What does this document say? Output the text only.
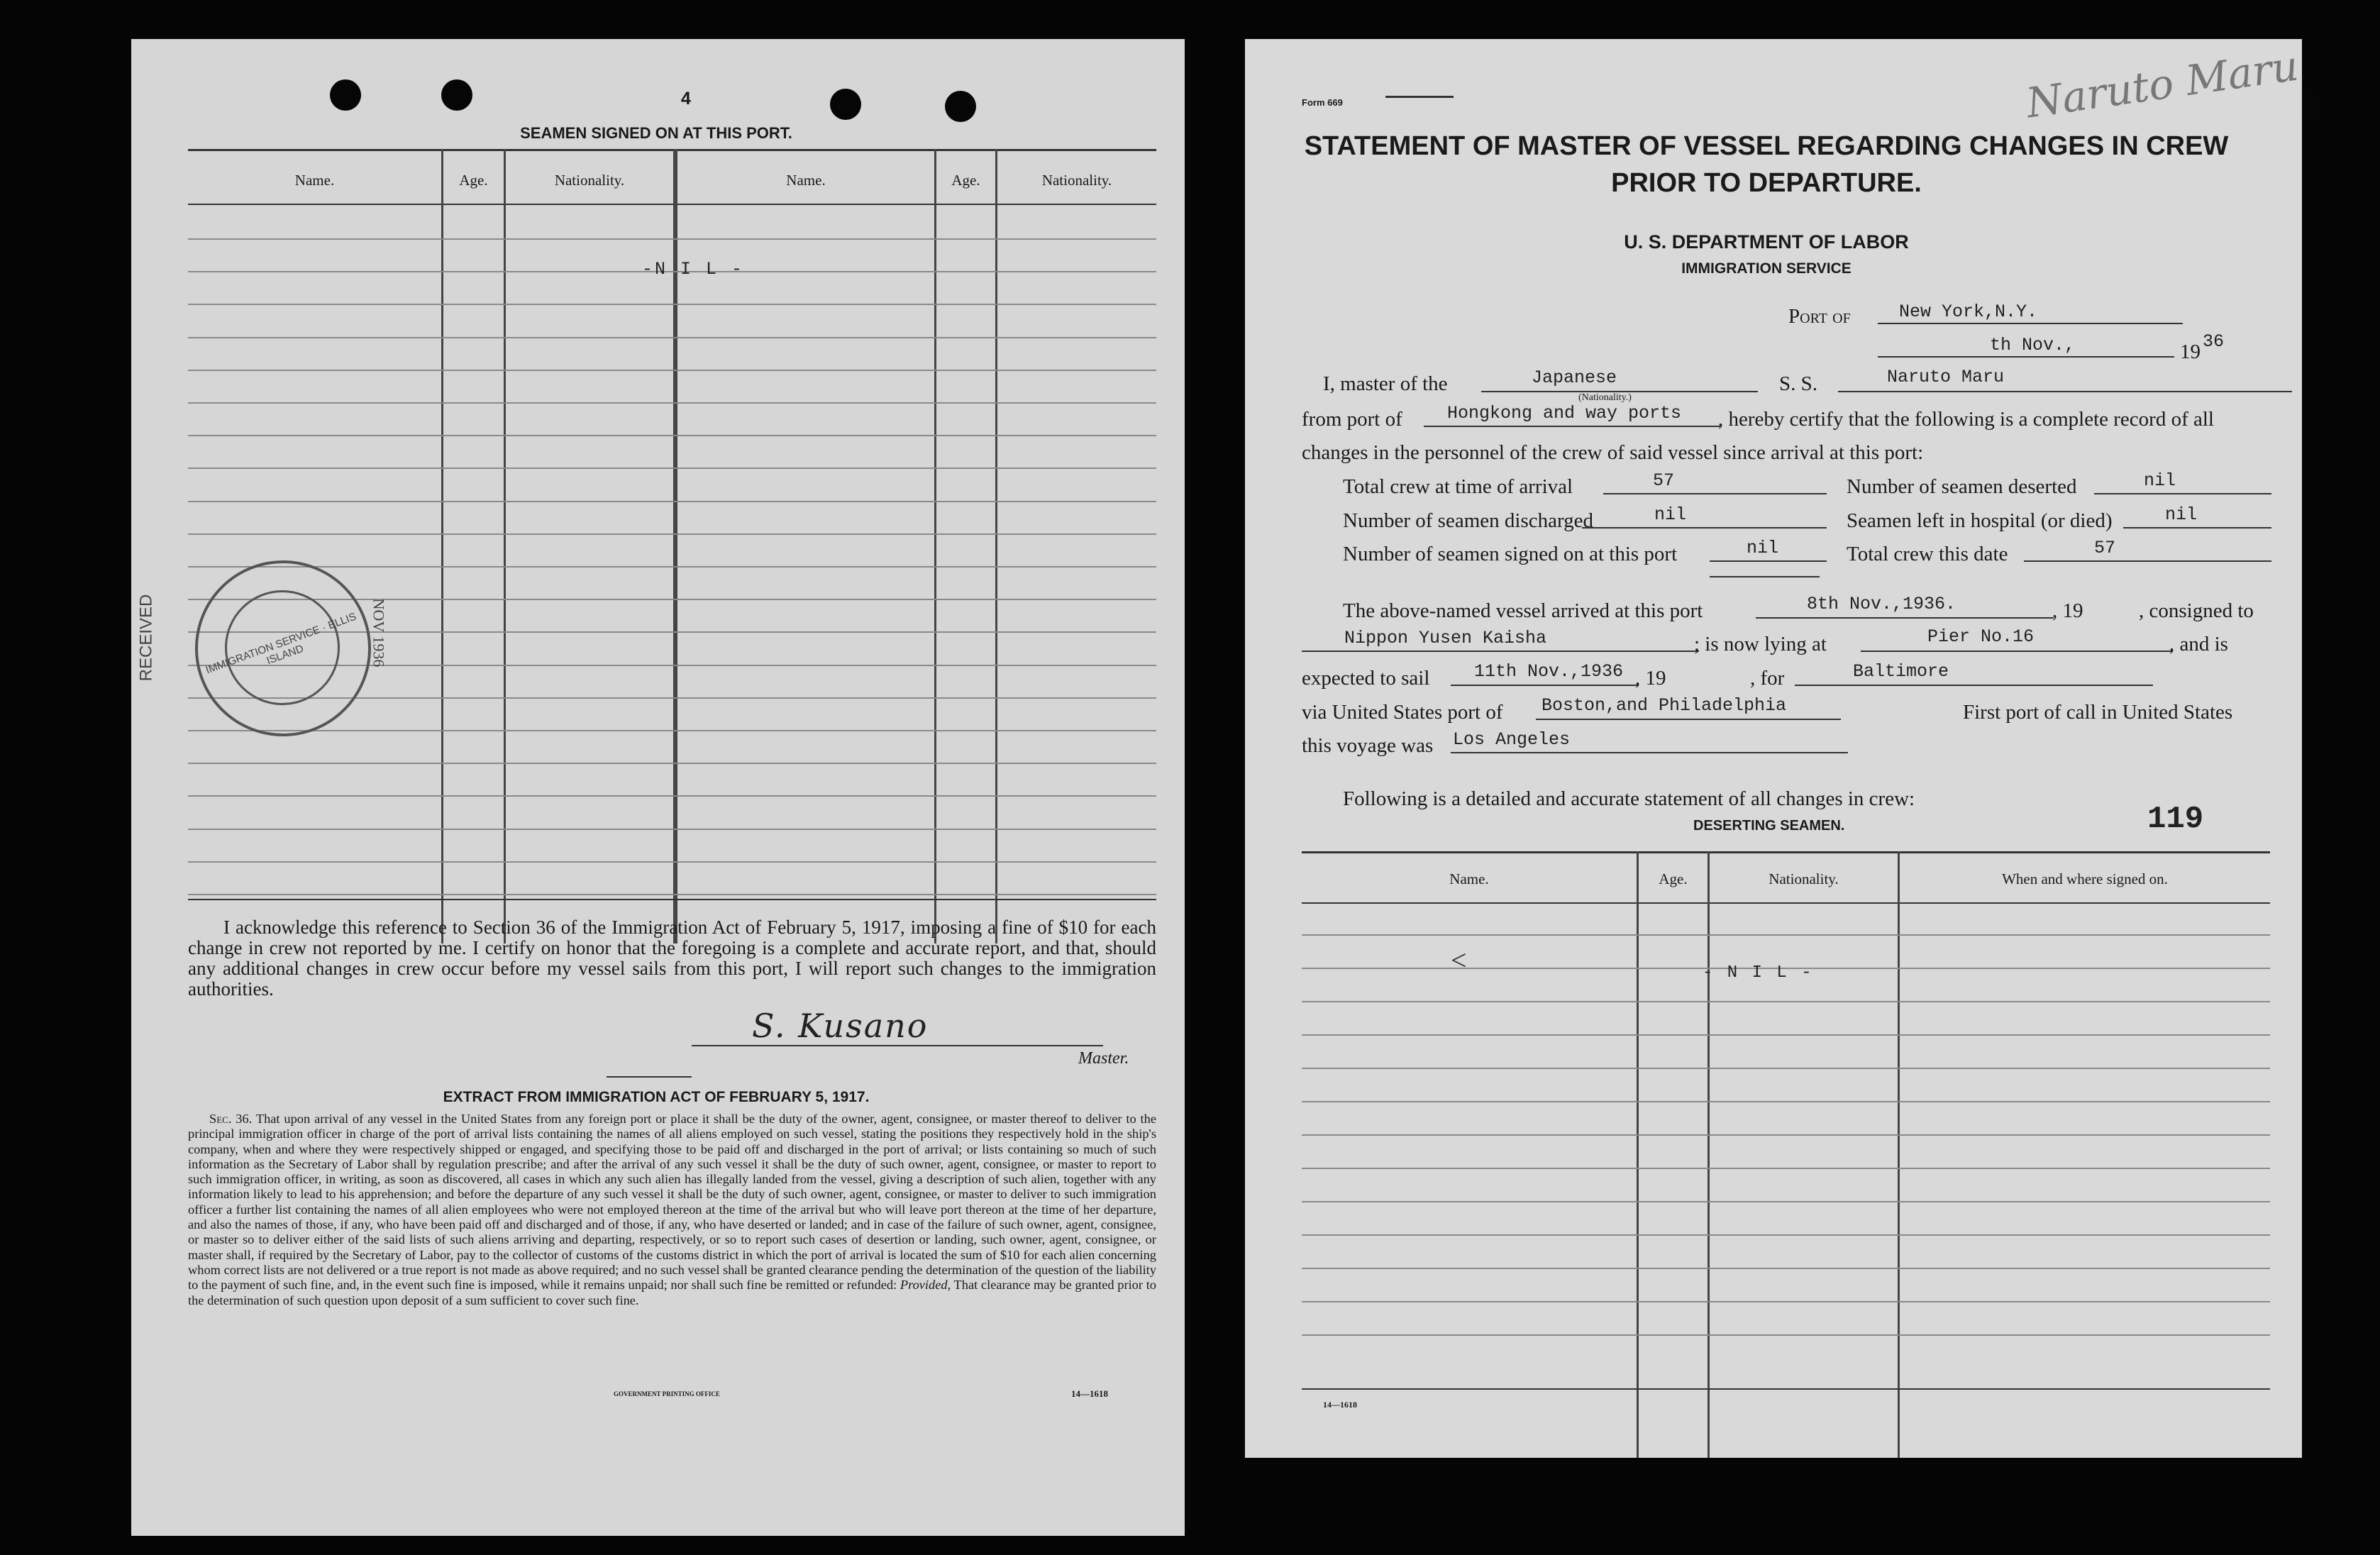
4
SEAMEN SIGNED ON AT THIS PORT.
Name.	Age.	Nationality.	Name.	Age.	Nationality.
-N I L -
RECEIVED	IMMIGRATION SERVICE · ELLIS ISLAND	NOV 1936
I acknowledge this reference to Section 36 of the Immigration Act of February 5, 1917, imposing a fine of $10 for each change in crew not reported by me. I certify on honor that the foregoing is a complete and accurate report, and that, should any additional changes in crew occur before my vessel sails from this port, I will report such changes to the immigration authorities.
S. Kusano
Master.
EXTRACT FROM IMMIGRATION ACT OF FEBRUARY 5, 1917.
Sec. 36. That upon arrival of any vessel in the United States from any foreign port or place it shall be the duty of the owner, agent, consignee, or master thereof to deliver to the principal immigration officer in charge of the port of arrival lists containing the names of all aliens employed on such vessel, stating the positions they respectively hold in the ship's company, when and where they were respectively shipped or engaged, and specifying those to be paid off and discharged in the port of arrival; or lists containing so much of such information as the Secretary of Labor shall by regulation prescribe; and after the arrival of any such vessel it shall be the duty of such owner, agent, consignee, or master to report to such immigration officer, in writing, as soon as discovered, all cases in which any such alien has illegally landed from the vessel, giving a description of such alien, together with any information likely to lead to his apprehension; and before the departure of any such vessel it shall be the duty of such owner, agent, consignee, or master to deliver to such immigration officer a further list containing the names of all alien employees who were not employed thereon at the time of the arrival but who will leave port thereon at the time of her departure, and also the names of those, if any, who have been paid off and discharged and of those, if any, who have deserted or landed; and in case of the failure of such owner, agent, consignee, or master so to deliver either of the said lists of such aliens arriving and departing, respectively, or so to report such cases of desertion or landing, such owner, agent, consignee, or master shall, if required by the Secretary of Labor, pay to the collector of customs of the customs district in which the port of arrival is located the sum of $10 for each alien concerning whom correct lists are not delivered or a true report is not made as above required; and no such vessel shall be granted clearance pending the determination of the question of the liability to the payment of such fine, and, in the event such fine is imposed, while it remains unpaid; nor shall such fine be remitted or refunded: Provided, That clearance may be granted prior to the determination of such question upon deposit of a sum sufficient to cover such fine.
GOVERNMENT PRINTING OFFICE	14—1618
Form 669	Naruto Maru
STATEMENT OF MASTER OF VESSEL REGARDING CHANGES IN CREW
PRIOR TO DEPARTURE.
U. S. DEPARTMENT OF LABOR
IMMIGRATION SERVICE
Port of	New York,N.Y.
th Nov.,	19 36
I, master of the	Japanese
(Nationality.)
S. S.	Naruto Maru
from port of	Hongkong and way ports , hereby certify that the following is a complete record of all
changes in the personnel of the crew of said vessel since arrival at this port:
Total crew at time of arrival	57	Number of seamen deserted	nil
Number of seamen discharged	nil	Seamen left in hospital (or died)	nil
Number of seamen signed on at this port	nil	Total crew this date	57
The above-named vessel arrived at this port	8th Nov.,1936.	, 19	, consigned to
Nippon Yusen Kaisha	; is now lying at	Pier No.16	, and is
expected to sail	11th Nov.,1936 , 19	, for	Baltimore
via United States port of Boston,and Philadelphia	First port of call in United States
this voyage was Los Angeles
Following is a detailed and accurate statement of all changes in crew:
DESERTING SEAMEN.	119
Name.	Age.	Nationality.	When and where signed on.
- N I L -
<
14—1618
